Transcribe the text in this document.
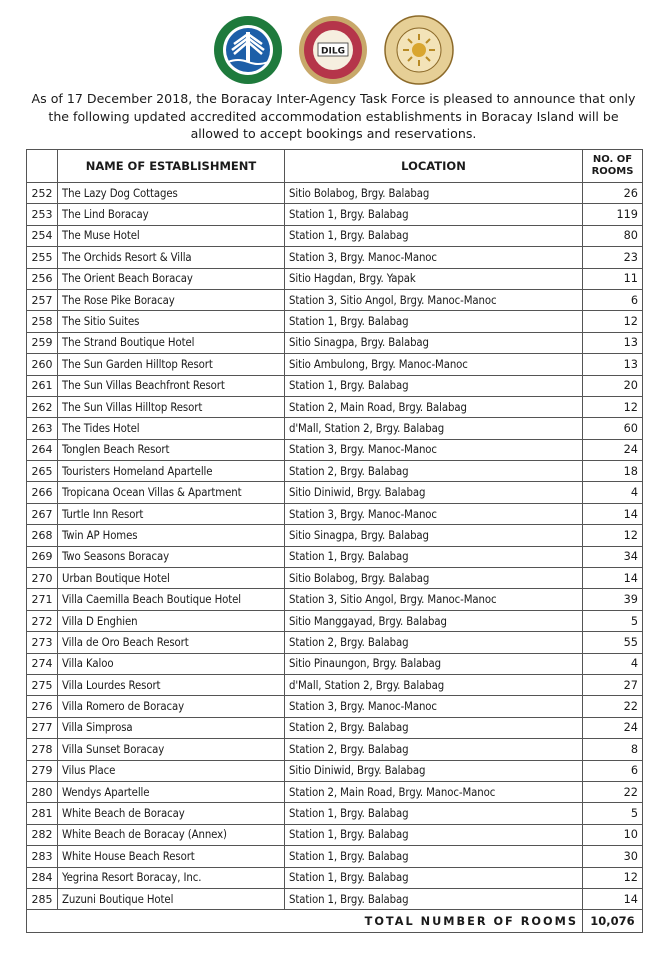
DILG

As of 17 December 2018, the Boracay Inter-Agency Task Force is pleased to announce that only the following updated accredited accommodation establishments in Boracay Island will be allowed to accept bookings and reservations.

	NAME OF ESTABLISHMENT	LOCATION	NO. OF
ROOMS
252	The Lazy Dog Cottages	Sitio Bolabog, Brgy. Balabag	26
253	The Lind Boracay	Station 1, Brgy. Balabag	119
254	The Muse Hotel	Station 1, Brgy. Balabag	80
255	The Orchids Resort & Villa	Station 3, Brgy. Manoc-Manoc	23
256	The Orient Beach Boracay	Sitio Hagdan, Brgy. Yapak	11
257	The Rose Pike Boracay	Station 3, Sitio Angol, Brgy. Manoc-Manoc	6
258	The Sitio Suites	Station 1, Brgy. Balabag	12
259	The Strand Boutique Hotel	Sitio Sinagpa, Brgy. Balabag	13
260	The Sun Garden Hilltop Resort	Sitio Ambulong, Brgy. Manoc-Manoc	13
261	The Sun Villas Beachfront Resort	Station 1, Brgy. Balabag	20
262	The Sun Villas Hilltop Resort	Station 2, Main Road, Brgy. Balabag	12
263	The Tides Hotel	d'Mall, Station 2, Brgy. Balabag	60
264	Tonglen Beach Resort	Station 3, Brgy. Manoc-Manoc	24
265	Touristers Homeland Apartelle	Station 2, Brgy. Balabag	18
266	Tropicana Ocean Villas & Apartment	Sitio Diniwid, Brgy. Balabag	4
267	Turtle Inn Resort	Station 3, Brgy. Manoc-Manoc	14
268	Twin AP Homes	Sitio Sinagpa, Brgy. Balabag	12
269	Two Seasons Boracay	Station 1, Brgy. Balabag	34
270	Urban Boutique Hotel	Sitio Bolabog, Brgy. Balabag	14
271	Villa Caemilla Beach Boutique Hotel	Station 3, Sitio Angol, Brgy. Manoc-Manoc	39
272	Villa D Enghien	Sitio Manggayad, Brgy. Balabag	5
273	Villa de Oro Beach Resort	Station 2, Brgy. Balabag	55
274	Villa Kaloo	Sitio Pinaungon, Brgy. Balabag	4
275	Villa Lourdes Resort	d'Mall, Station 2, Brgy. Balabag	27
276	Villa Romero de Boracay	Station 3, Brgy. Manoc-Manoc	22
277	Villa Simprosa	Station 2, Brgy. Balabag	24
278	Villa Sunset Boracay	Station 2, Brgy. Balabag	8
279	Vilus Place	Sitio Diniwid, Brgy. Balabag	6
280	Wendys Apartelle	Station 2, Main Road, Brgy. Manoc-Manoc	22
281	White Beach de Boracay	Station 1, Brgy. Balabag	5
282	White Beach de Boracay (Annex)	Station 1, Brgy. Balabag	10
283	White House Beach Resort	Station 1, Brgy. Balabag	30
284	Yegrina Resort Boracay, Inc.	Station 1, Brgy. Balabag	12
285	Zuzuni Boutique Hotel	Station 1, Brgy. Balabag	14
TOTAL NUMBER OF ROOMS			10,076
